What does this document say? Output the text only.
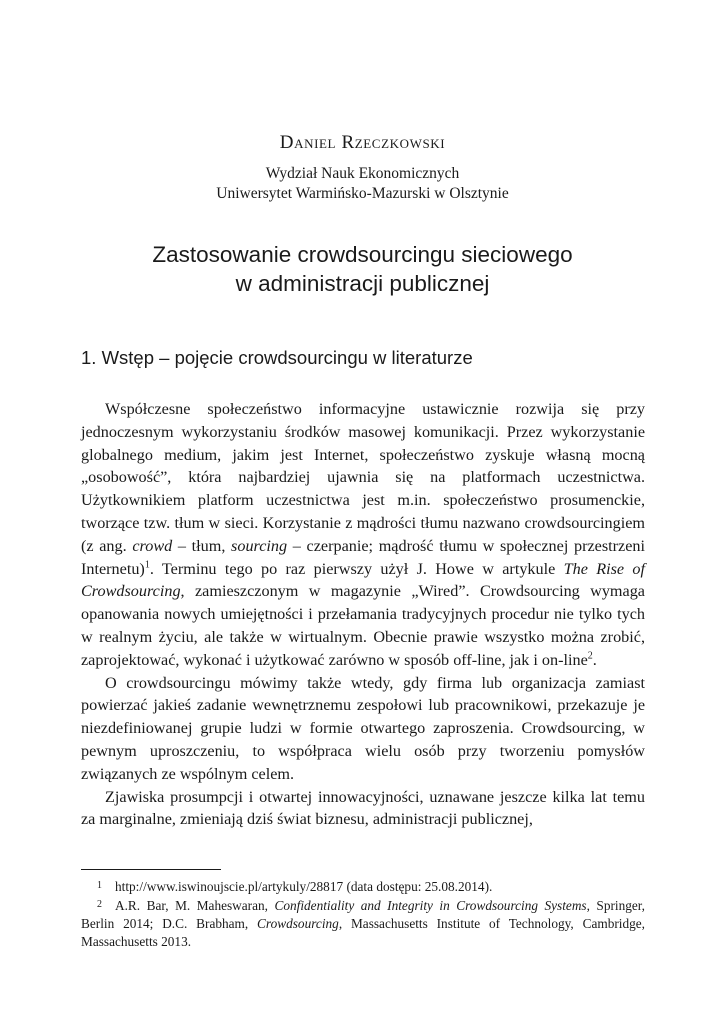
Daniel Rzeczkowski
Wydział Nauk Ekonomicznych
Uniwersytet Warmińsko-Mazurski w Olsztynie
Zastosowanie crowdsourcingu sieciowego
w administracji publicznej
1. Wstęp – pojęcie crowdsourcingu w literaturze

Współczesne społeczeństwo informacyjne ustawicznie rozwija się przy jednoczesnym wykorzystaniu środków masowej komunikacji. Przez wykorzystanie globalnego medium, jakim jest Internet, społeczeństwo zyskuje własną mocną „osobowość”, która najbardziej ujawnia się na platformach uczestnictwa. Użytkownikiem platform uczestnictwa jest m.in. społeczeństwo prosumenckie, tworzące tzw. tłum w sieci. Korzystanie z mądrości tłumu nazwano crowdsourcingiem (z ang. crowd – tłum, sourcing – czerpanie; mądrość tłumu w społecznej przestrzeni Internetu)$^1$. Terminu tego po raz pierwszy użył J. Howe w artykule The Rise of Crowdsourcing, zamieszczonym w magazynie „Wired”. Crowdsourcing wymaga opanowania nowych umiejętności i przełamania tradycyjnych procedur nie tylko tych w realnym życiu, ale także w wirtualnym. Obecnie prawie wszystko można zrobić, zaprojektować, wykonać i użytkować zarówno w sposób off-line, jak i on-line$^2$.

O crowdsourcingu mówimy także wtedy, gdy firma lub organizacja zamiast powierzać jakieś zadanie wewnętrznemu zespołowi lub pracownikowi, przekazuje je niezdefiniowanej grupie ludzi w formie otwartego zaproszenia. Crowdsourcing, w pewnym uproszczeniu, to współpraca wielu osób przy tworzeniu pomysłów związanych ze wspólnym celem.

Zjawiska prosumpcji i otwartej innowacyjności, uznawane jeszcze kilka lat temu za marginalne, zmieniają dziś świat biznesu, administracji publicznej,

1 http://www.iswinoujscie.pl/artykuly/28817 (data dostępu: 25.08.2014).

2 A.R. Bar, M. Maheswaran, Confidentiality and Integrity in Crowdsourcing Systems, Springer, Berlin 2014; D.C. Brabham, Crowdsourcing, Massachusetts Institute of Technology, Cambridge, Massachusetts 2013.
